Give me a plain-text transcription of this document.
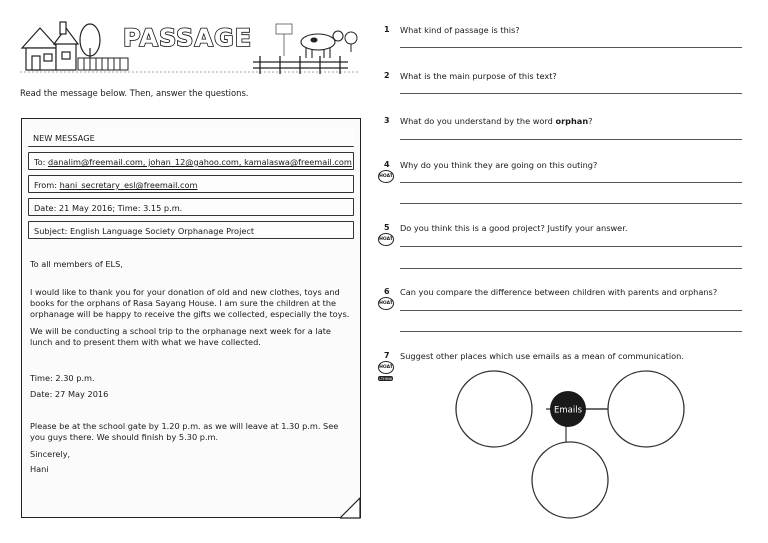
PASSAGE
Read the message below. Then, answer the questions.
NEW MESSAGE
To: danalim@freemail.com, johan_12@gahoo.com, kamalaswa@freemail.com
From: hani_secretary_esl@freemail.com
Date: 21 May 2016; Time: 3.15 p.m.
Subject: English Language Society Orphanage Project
To all members of ELS,
I would like to thank you for your donation of old and new clothes, toys and books for the orphans of Rasa Sayang House. I am sure the children at the orphanage will be happy to receive the gifts we collected, especially the toys.
We will be conducting a school trip to the orphanage next week for a late lunch and to present them with what we have collected.
Time: 2.30 p.m.
Date: 27 May 2016
Please be at the school gate by 1.20 p.m. as we will leave at 1.30 p.m. See you guys there. We should finish by 5.30 p.m.
Sincerely,
Hani
1 What kind of passage is this?
2 What is the main purpose of this text?
3 What do you understand by the word orphan?
4 Why do you think they are going on this outing?
HOAT
5 Do you think this is a good project? Justify your answer.
HOAT
6 Can you compare the difference between children with parents and orphans?
HOAT
7 Suggest other places which use emails as a mean of communication.
HOAT
i-THINK
Emails
